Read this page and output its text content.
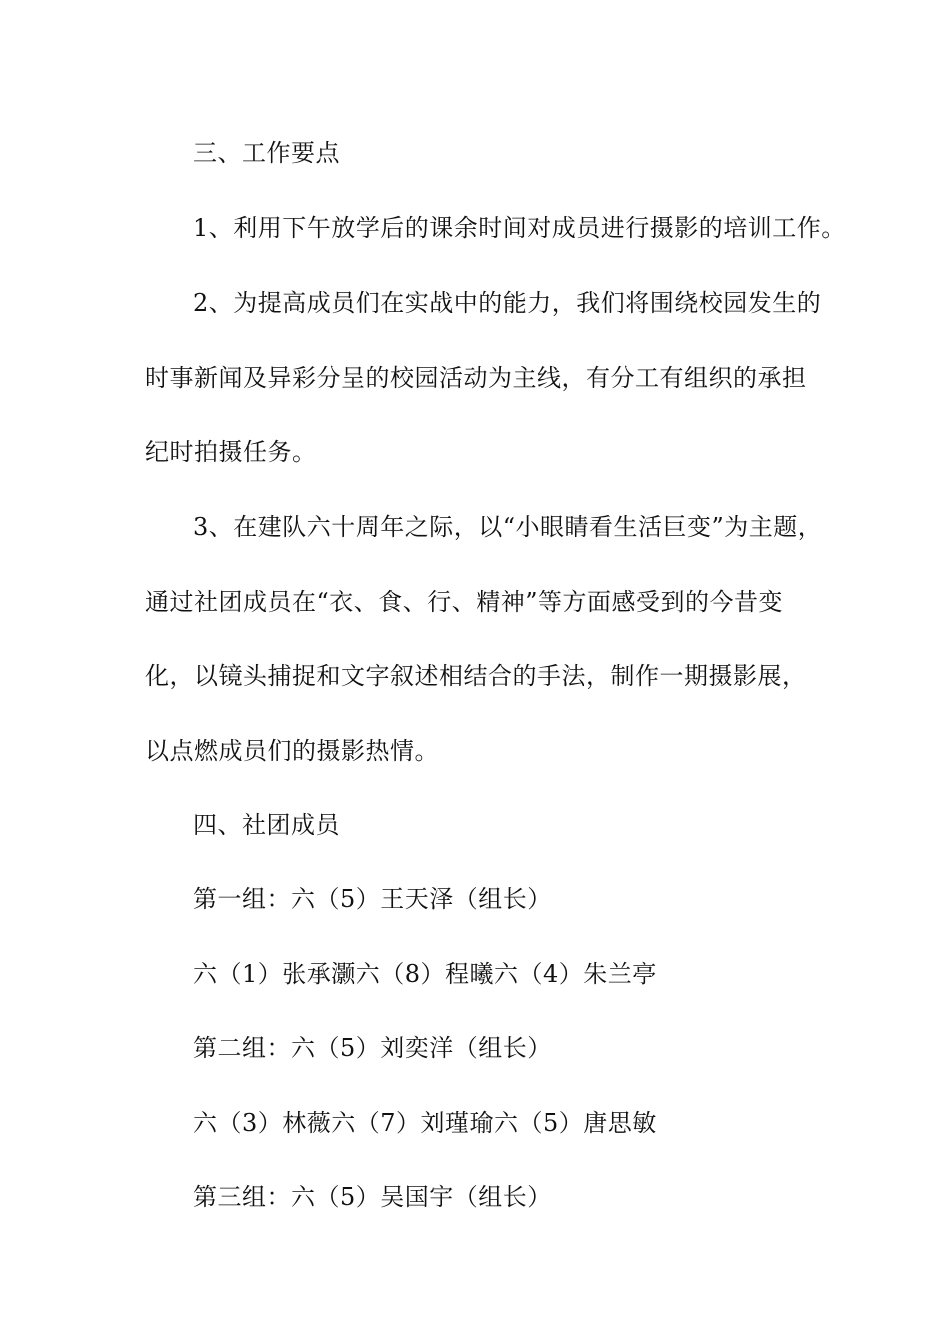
三、工作要点
1、利用下午放学后的课余时间对成员进行摄影的培训工作。
2、为提高成员们在实战中的能力，我们将围绕校园发生的
时事新闻及异彩分呈的校园活动为主线，有分工有组织的承担
纪时拍摄任务。
3、在建队六十周年之际，以“小眼睛看生活巨变”为主题，
通过社团成员在“衣、食、行、精神”等方面感受到的今昔变
化，以镜头捕捉和文字叙述相结合的手法，制作一期摄影展，
以点燃成员们的摄影热情。
四、社团成员
第一组：六（5）王天泽（组长）
六（1）张承灏六（8）程曦六（4）朱兰亭
第二组：六（5）刘奕洋（组长）
六（3）林薇六（7）刘瑾瑜六（5）唐思敏
第三组：六（5）吴国宇（组长）
